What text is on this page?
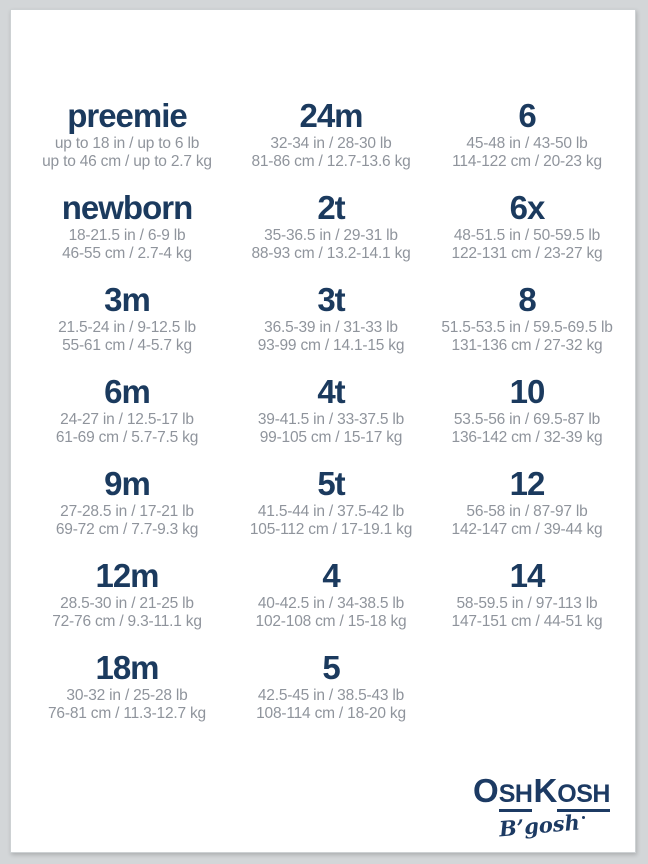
preemie
up to 18 in / up to 6 lb
up to 46 cm / up to 2.7 kg
24m
32-34 in / 28-30 lb
81-86 cm / 12.7-13.6 kg
6
45-48 in / 43-50 lb
114-122 cm / 20-23 kg
newborn
18-21.5 in / 6-9 lb
46-55 cm / 2.7-4 kg
2t
35-36.5 in / 29-31 lb
88-93 cm / 13.2-14.1 kg
6x
48-51.5 in / 50-59.5 lb
122-131 cm / 23-27 kg
3m
21.5-24 in / 9-12.5 lb
55-61 cm / 4-5.7 kg
3t
36.5-39 in / 31-33 lb
93-99 cm / 14.1-15 kg
8
51.5-53.5 in / 59.5-69.5 lb
131-136 cm / 27-32 kg
6m
24-27 in / 12.5-17 lb
61-69 cm / 5.7-7.5 kg
4t
39-41.5 in / 33-37.5 lb
99-105 cm / 15-17 kg
10
53.5-56 in / 69.5-87 lb
136-142 cm / 32-39 kg
9m
27-28.5 in / 17-21 lb
69-72 cm / 7.7-9.3 kg
5t
41.5-44 in / 37.5-42 lb
105-112 cm / 17-19.1 kg
12
56-58 in / 87-97 lb
142-147 cm / 39-44 kg
12m
28.5-30 in / 21-25 lb
72-76 cm / 9.3-11.1 kg
4
40-42.5 in / 34-38.5 lb
102-108 cm / 15-18 kg
14
58-59.5 in / 97-113 lb
147-151 cm / 44-51 kg
18m
30-32 in / 25-28 lb
76-81 cm / 11.3-12.7 kg
5
42.5-45 in / 38.5-43 lb
108-114 cm / 18-20 kg
OSHKOSH
B’gosh
